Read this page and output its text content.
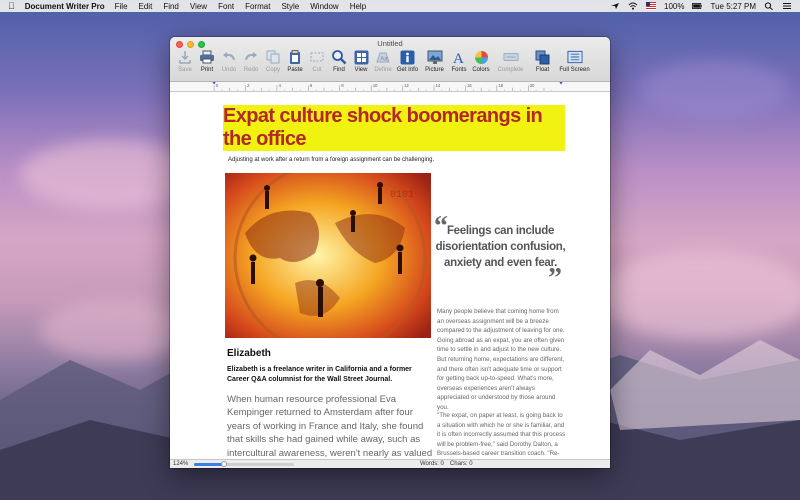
Document Writer Pro File Edit Find View Font Format Style Window Help	100%	Tue 5:27 PM
Untitled
Save Print Undo Redo Copy Paste Cut Find View
Aa
Define Get Info Picture
A
Fonts Colors Complete Float Full Screen
0	2	4	6	8	10	12	14	16	18	20
Expat culture shock boomerangs in the office
Adjusting at work after a return from a foreign assignment can be challenging.
0101
Elizabeth
Elizabeth is a freelance writer in California and a former Career Q&A columnist for the Wall Street Journal.
When human resource professional Eva Kempinger returned to Amsterdam after four years of working in France and Italy, she found that skills she had gained while away, such as intercultural awareness, weren't nearly as valued
“
Feelings can include disorientation confusion, anxiety and even fear.
”
Many people believe that coming home from an overseas assignment will be a breeze compared to the adjustment of leaving for one. Going abroad as an expat, you are often given time to settle in and adjust to the new culture. But returning home, expectations are different, and there often isn't adequate time or support for getting back up-to-speed. What's more, overseas experiences aren't always appreciated or understood by those around you.
"The expat, on paper at least, is going back to a situation with which he or she is familiar, and it is often incorrectly assumed that this process will be problem-free," said Dorothy Dalton, a Brussels-based career transition coach. "Re-
124%	Words: 0 Chars: 0
